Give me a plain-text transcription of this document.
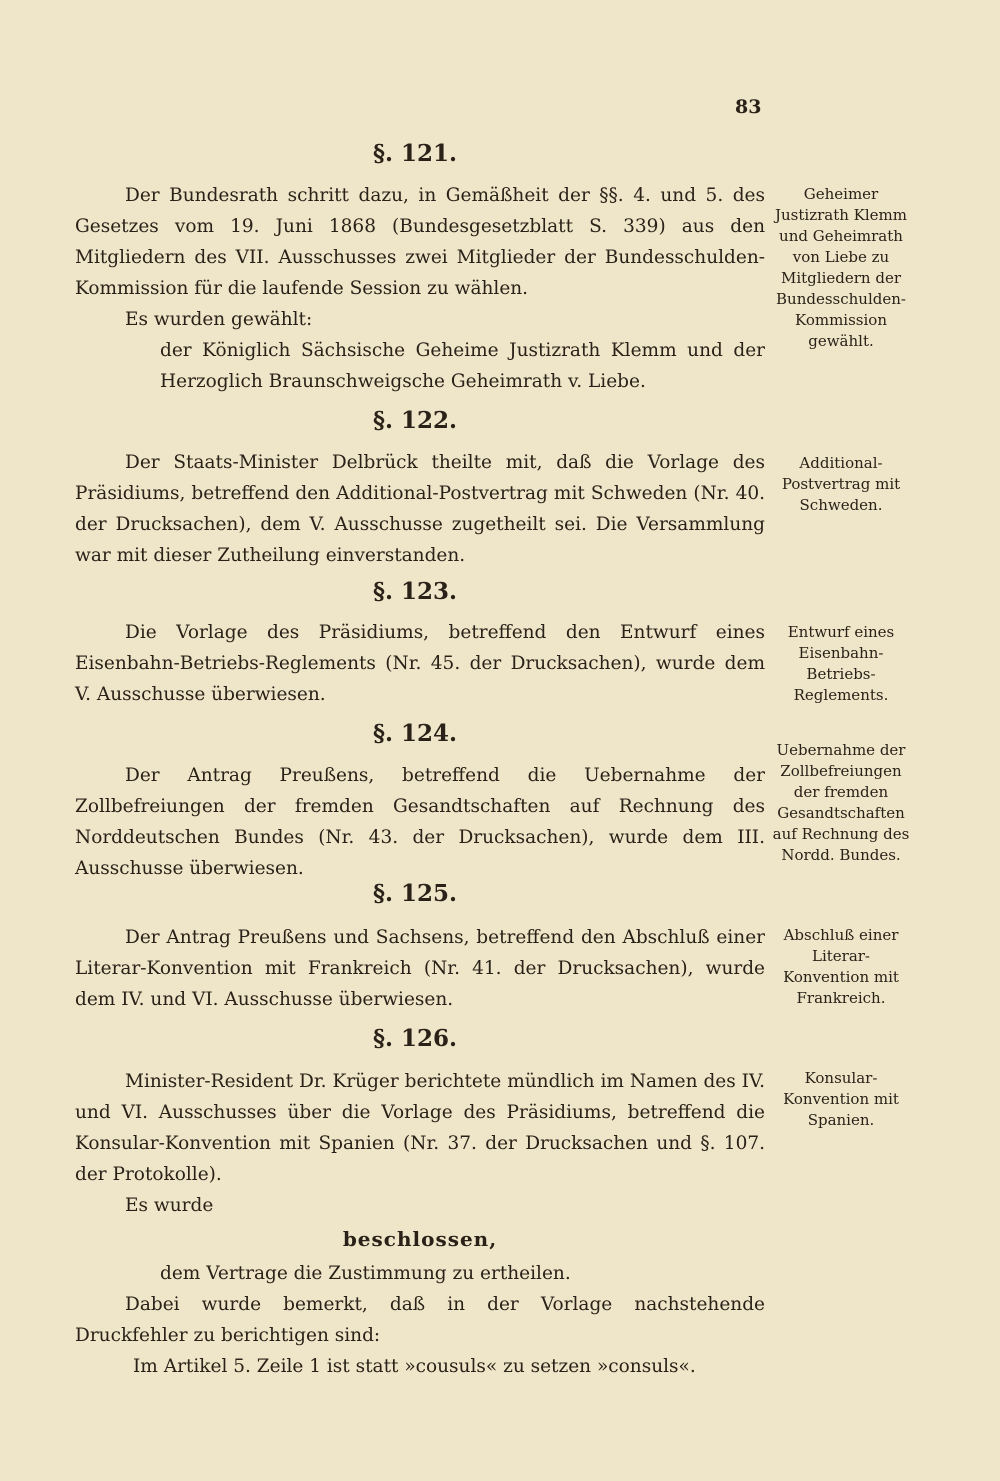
83
§. 121.

Der Bundesrath schritt dazu, in Gemäßheit der §§. 4. und 5. des Gesetzes vom 19. Juni 1868 (Bundesgesetzblatt S. 339) aus den Mitgliedern des VII. Ausschusses zwei Mitglieder der Bundesschulden-Kommission für die laufende Session zu wählen.

Es wurden gewählt:

der Königlich Sächsische Geheime Justizrath Klemm und der Herzoglich Braunschweigsche Geheimrath v. Liebe.

Geheimer Justizrath Klemm und Geheimrath von Liebe zu Mitgliedern der Bundesschulden-Kommission gewählt.
§. 122.

Der Staats-Minister Delbrück theilte mit, daß die Vorlage des Präsidiums, betreffend den Additional-Postvertrag mit Schweden (Nr. 40. der Drucksachen), dem V. Ausschusse zugetheilt sei. Die Versammlung war mit dieser Zutheilung einverstanden.

Additional-Postvertrag mit Schweden.
§. 123.

Die Vorlage des Präsidiums, betreffend den Entwurf eines Eisenbahn-Betriebs-Reglements (Nr. 45. der Drucksachen), wurde dem V. Ausschusse überwiesen.

Entwurf eines Eisenbahn-Betriebs-Reglements.
§. 124.

Der Antrag Preußens, betreffend die Uebernahme der Zollbefreiungen der fremden Gesandtschaften auf Rechnung des Norddeutschen Bundes (Nr. 43. der Drucksachen), wurde dem III. Ausschusse überwiesen.

Uebernahme der Zollbefreiungen der fremden Gesandtschaften auf Rechnung des Nordd. Bundes.
§. 125.

Der Antrag Preußens und Sachsens, betreffend den Abschluß einer Literar-Konvention mit Frankreich (Nr. 41. der Drucksachen), wurde dem IV. und VI. Ausschusse überwiesen.

Abschluß einer Literar-Konvention mit Frankreich.
§. 126.

Minister-Resident Dr. Krüger berichtete mündlich im Namen des IV. und VI. Ausschusses über die Vorlage des Präsidiums, betreffend die Konsular-Konvention mit Spanien (Nr. 37. der Drucksachen und §. 107. der Protokolle).

Es wurde

beschlossen,

dem Vertrage die Zustimmung zu ertheilen.

Dabei wurde bemerkt, daß in der Vorlage nachstehende Druckfehler zu berichtigen sind:

Im Artikel 5. Zeile 1 ist statt »cousuls« zu setzen »consuls«.

Konsular-Konvention mit Spanien.
